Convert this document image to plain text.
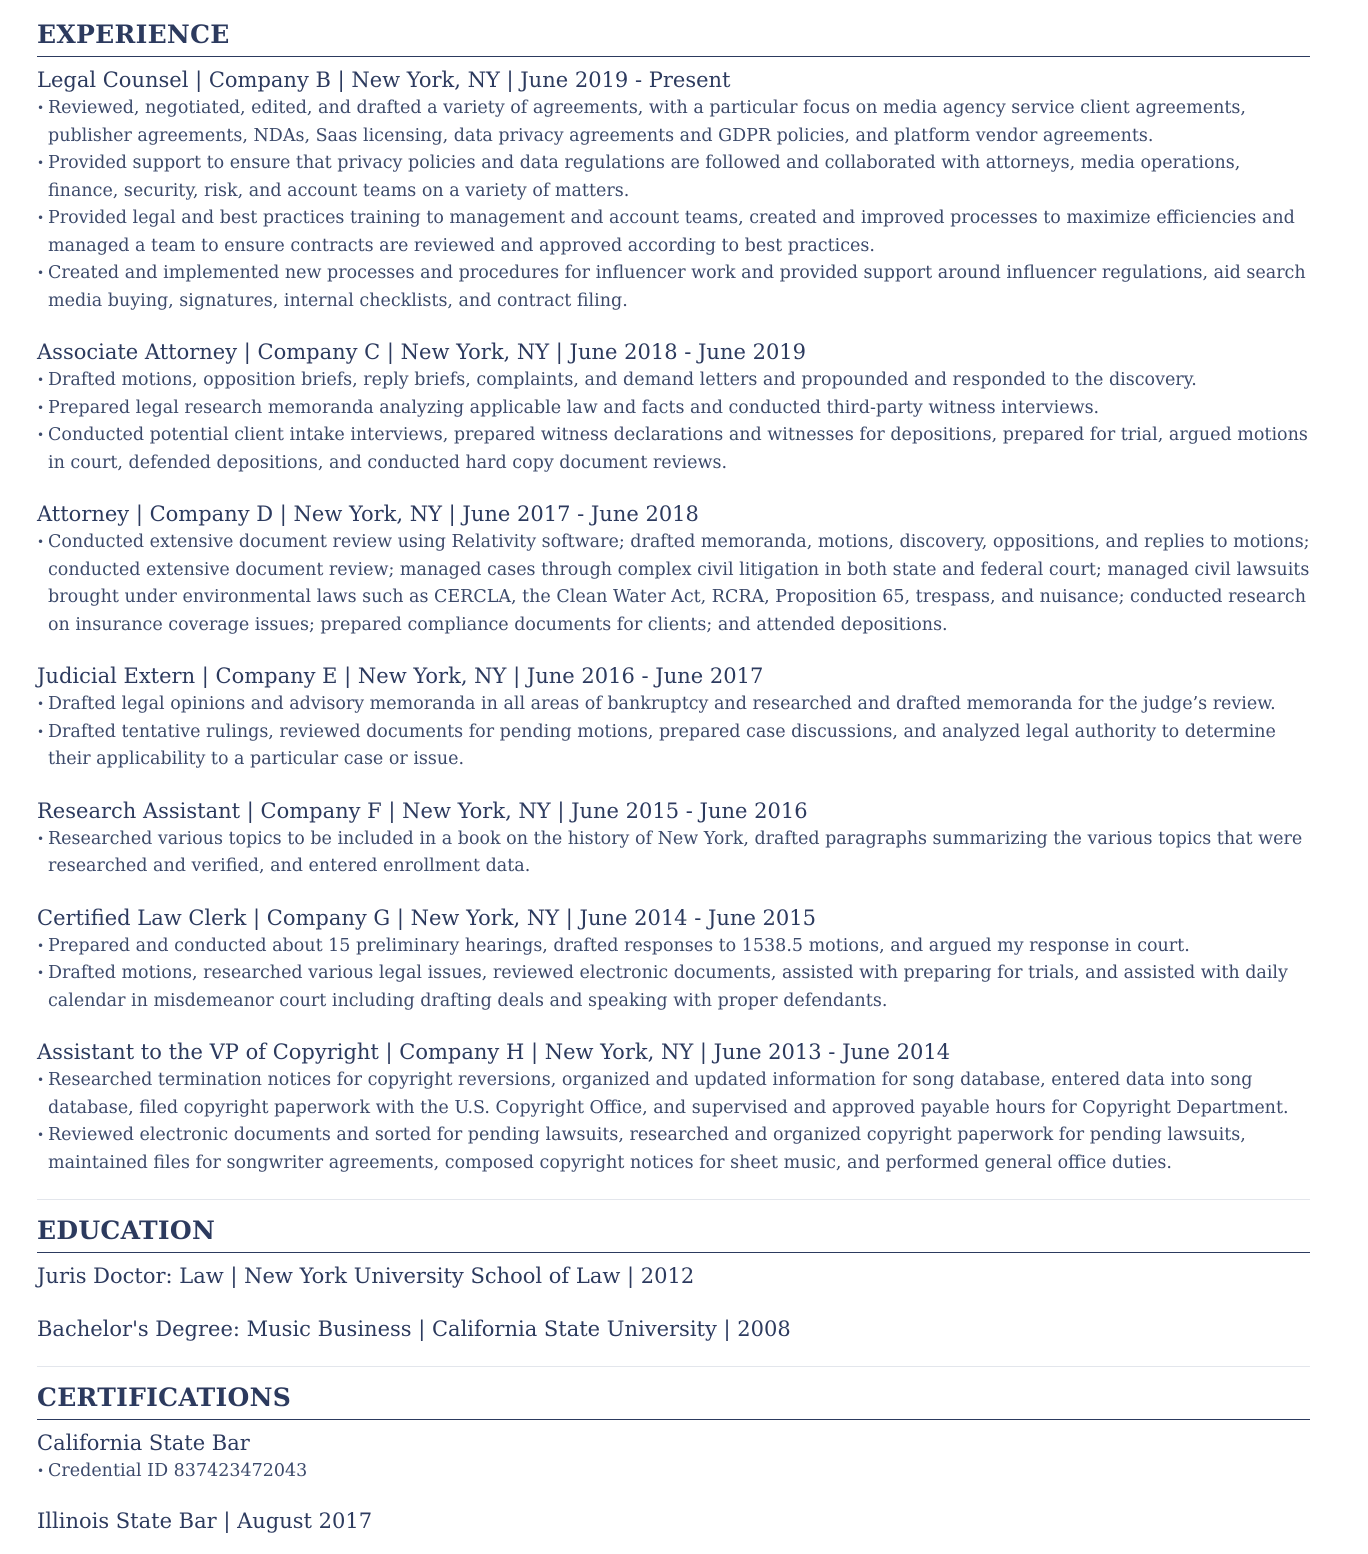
EXPERIENCE
Legal Counsel | Company B | New York, NY | June 2019 - Present
• Reviewed, negotiated, edited, and drafted a variety of agreements, with a particular focus on media agency service client agreements, publisher agreements, NDAs, Saas licensing, data privacy agreements and GDPR policies, and platform vendor agreements.
• Provided support to ensure that privacy policies and data regulations are followed and collaborated with attorneys, media operations, finance, security, risk, and account teams on a variety of matters.
• Provided legal and best practices training to management and account teams, created and improved processes to maximize efficiencies and managed a team to ensure contracts are reviewed and approved according to best practices.
• Created and implemented new processes and procedures for influencer work and provided support around influencer regulations, aid search media buying, signatures, internal checklists, and contract filing.
Associate Attorney | Company C | New York, NY | June 2018 - June 2019
• Drafted motions, opposition briefs, reply briefs, complaints, and demand letters and propounded and responded to the discovery.
• Prepared legal research memoranda analyzing applicable law and facts and conducted third-party witness interviews.
• Conducted potential client intake interviews, prepared witness declarations and witnesses for depositions, prepared for trial, argued motions in court, defended depositions, and conducted hard copy document reviews.
Attorney | Company D | New York, NY | June 2017 - June 2018
• Conducted extensive document review using Relativity software; drafted memoranda, motions, discovery, oppositions, and replies to motions; conducted extensive document review; managed cases through complex civil litigation in both state and federal court; managed civil lawsuits brought under environmental laws such as CERCLA, the Clean Water Act, RCRA, Proposition 65, trespass, and nuisance; conducted research on insurance coverage issues; prepared compliance documents for clients; and attended depositions.
Judicial Extern | Company E | New York, NY | June 2016 - June 2017
• Drafted legal opinions and advisory memoranda in all areas of bankruptcy and researched and drafted memoranda for the judge’s review.
• Drafted tentative rulings, reviewed documents for pending motions, prepared case discussions, and analyzed legal authority to determine their applicability to a particular case or issue.
Research Assistant | Company F | New York, NY | June 2015 - June 2016
• Researched various topics to be included in a book on the history of New York, drafted paragraphs summarizing the various topics that were researched and verified, and entered enrollment data.
Certified Law Clerk | Company G | New York, NY | June 2014 - June 2015
• Prepared and conducted about 15 preliminary hearings, drafted responses to 1538.5 motions, and argued my response in court.
• Drafted motions, researched various legal issues, reviewed electronic documents, assisted with preparing for trials, and assisted with daily calendar in misdemeanor court including drafting deals and speaking with proper defendants.
Assistant to the VP of Copyright | Company H | New York, NY | June 2013 - June 2014
• Researched termination notices for copyright reversions, organized and updated information for song database, entered data into song database, filed copyright paperwork with the U.S. Copyright Office, and supervised and approved payable hours for Copyright Department.
• Reviewed electronic documents and sorted for pending lawsuits, researched and organized copyright paperwork for pending lawsuits, maintained files for songwriter agreements, composed copyright notices for sheet music, and performed general office duties.
EDUCATION
Juris Doctor: Law | New York University School of Law | 2012
Bachelor's Degree: Music Business | California State University | 2008
CERTIFICATIONS
California State Bar
• Credential ID 837423472043
Illinois State Bar | August 2017
